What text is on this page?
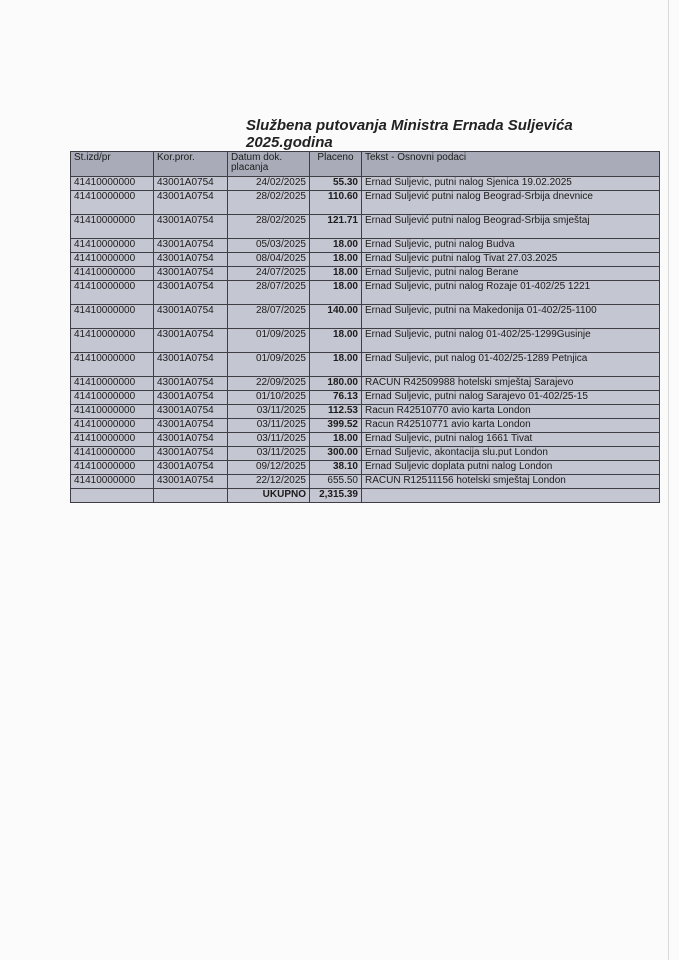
Službena putovanja Ministra Ernada Suljevića 2025.godina
St.izd/pr	Kor.pror.	Datum dok. placanja	Placeno	Tekst - Osnovni podaci
41410000000	43001A0754	24/02/2025	55.30	Ernad Suljevic, putni nalog Sjenica 19.02.2025
41410000000	43001A0754	28/02/2025	110.60	Ernad Suljević putni nalog Beograd-Srbija dnevnice
41410000000	43001A0754	28/02/2025	121.71	Ernad Suljević putni nalog Beograd-Srbija smještaj
41410000000	43001A0754	05/03/2025	18.00	Ernad Suljevic, putni nalog Budva
41410000000	43001A0754	08/04/2025	18.00	Ernad Suljevic putni nalog Tivat 27.03.2025
41410000000	43001A0754	24/07/2025	18.00	Ernad Suljevic, putni nalog Berane
41410000000	43001A0754	28/07/2025	18.00	Ernad Suljevic, putni nalog Rozaje 01-402/25 1221
41410000000	43001A0754	28/07/2025	140.00	Ernad Suljevic, putni na Makedonija 01-402/25-1100
41410000000	43001A0754	01/09/2025	18.00	Ernad Suljevic, putni nalog 01-402/25-1299Gusinje
41410000000	43001A0754	01/09/2025	18.00	Ernad Suljevic, put nalog 01-402/25-1289 Petnjica
41410000000	43001A0754	22/09/2025	180.00	RACUN R42509988 hotelski smještaj Sarajevo
41410000000	43001A0754	01/10/2025	76.13	Ernad Suljevic, putni nalog Sarajevo 01-402/25-15
41410000000	43001A0754	03/11/2025	112.53	Racun R42510770 avio karta London
41410000000	43001A0754	03/11/2025	399.52	Racun R42510771 avio karta London
41410000000	43001A0754	03/11/2025	18.00	Ernad Suljevic, putni nalog 1661 Tivat
41410000000	43001A0754	03/11/2025	300.00	Ernad Suljevic, akontacija slu.put London
41410000000	43001A0754	09/12/2025	38.10	Ernad Suljevic doplata putni nalog London
41410000000	43001A0754	22/12/2025	655.50	RACUN R12511156 hotelski smještaj London
		UKUPNO	2,315.39	
